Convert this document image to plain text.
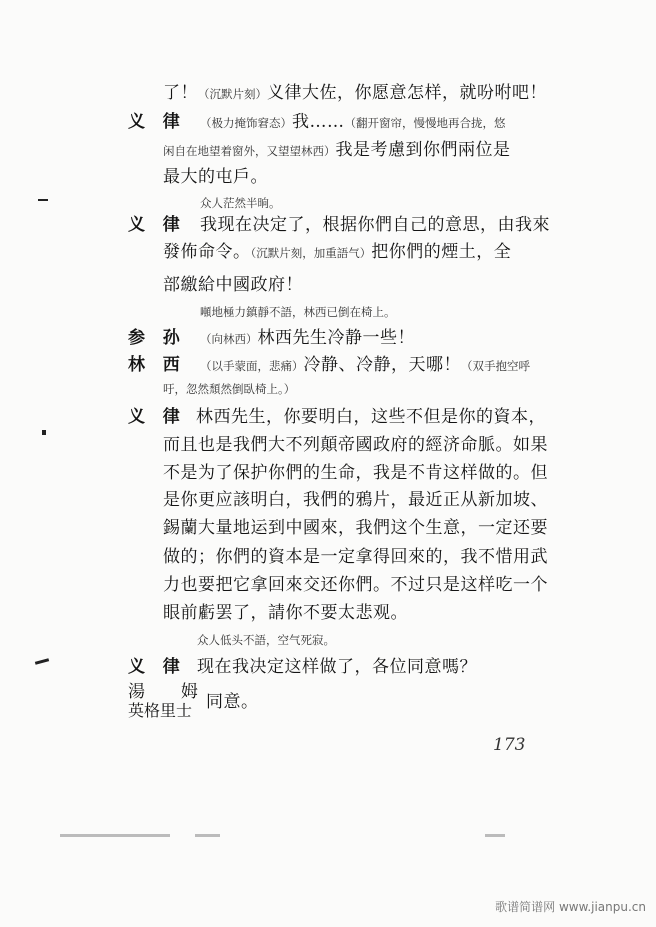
了！（沉默片刻）义律大佐，你愿意怎样，就吩咐吧！
义 律 （极力掩饰窘态）我……（翻开窗帘，慢慢地再合拢，悠
闲自在地望着窗外，又望望林西）我是考慮到你們兩位是
最大的屯戶。
众人茫然半晌。
义 律 我现在决定了，根据你們自己的意思，由我來
發佈命令。（沉默片刻，加重語气）把你們的煙土，全
部繳給中國政府！
噸地極力鎮靜不語，林西已倒在椅上。
参 孙 （向林西）林西先生冷静一些！
林 西 （以手蒙面，悲痛）冷静、冷静，天哪！（双手抱空呼
吁，忽然頹然倒臥椅上。）
义 律 林西先生，你要明白，这些不但是你的資本，
而且也是我們大不列顛帝國政府的經济命脈。如果
不是为了保护你們的生命，我是不肯这样做的。但
是你更应該明白，我們的鴉片，最近正从新加坡、
錫蘭大量地运到中國來，我們这个生意，一定还要
做的；你們的資本是一定拿得回來的，我不惜用武
力也要把它拿回來交还你們。不过只是这样吃一个
眼前虧罢了，請你不要太悲观。
众人低头不語，空气死寂。
义 律 现在我决定这样做了，各位同意嗎？
湯 姆
英格里士 同意。
173
歌谱简谱网 www.jianpu.cn
